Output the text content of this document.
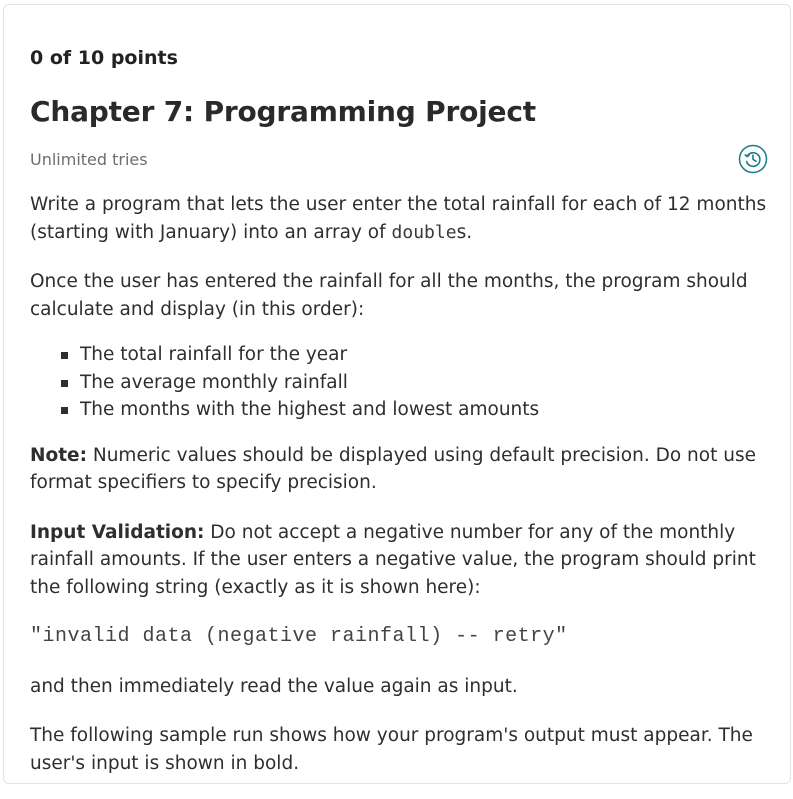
0 of 10 points
Chapter 7: Programming Project
Unlimited tries

Write a program that lets the user enter the total rainfall for each of 12 months (starting with January) into an array of doubles.

Once the user has entered the rainfall for all the months, the program should calculate and display (in this order):

The total rainfall for the year
The average monthly rainfall
The months with the highest and lowest amounts

Note: Numeric values should be displayed using default precision. Do not use format specifiers to specify precision.

Input Validation: Do not accept a negative number for any of the monthly rainfall amounts. If the user enters a negative value, the program should print the following string (exactly as it is shown here):

"invalid data (negative rainfall) -- retry"

and then immediately read the value again as input.

The following sample run shows how your program's output must appear. The user's input is shown in bold.
